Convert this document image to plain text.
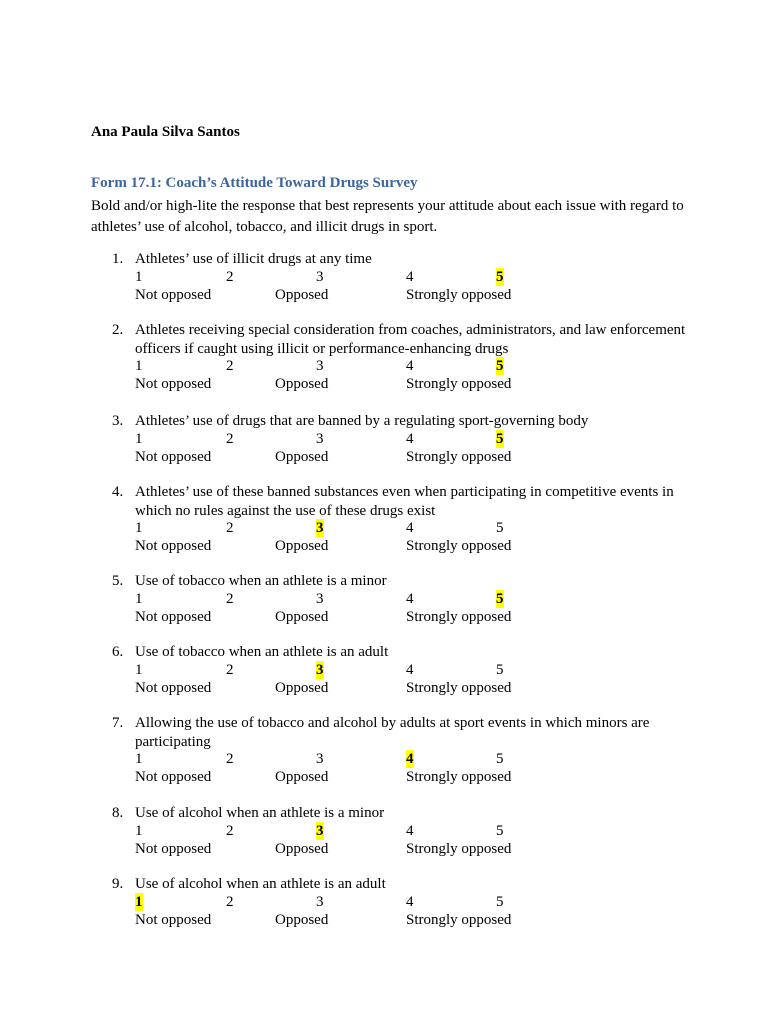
Ana Paula Silva Santos
Form 17.1: Coach’s Attitude Toward Drugs Survey
Bold and/or high-lite the response that best represents your attitude about each issue with regard to athletes’ use of alcohol, tobacco, and illicit drugs in sport.
1. Athletes’ use of illicit drugs at any time
1	2	3	4	5
Not opposed	Opposed	Strongly opposed
2. Athletes receiving special consideration from coaches, administrators, and law enforcement officers if caught using illicit or performance-enhancing drugs
1	2	3	4	5
Not opposed	Opposed	Strongly opposed
3. Athletes’ use of drugs that are banned by a regulating sport-governing body
1	2	3	4	5
Not opposed	Opposed	Strongly opposed
4. Athletes’ use of these banned substances even when participating in competitive events in which no rules against the use of these drugs exist
1	2	3	4	5
Not opposed	Opposed	Strongly opposed
5. Use of tobacco when an athlete is a minor
1	2	3	4	5
Not opposed	Opposed	Strongly opposed
6. Use of tobacco when an athlete is an adult
1	2	3	4	5
Not opposed	Opposed	Strongly opposed
7. Allowing the use of tobacco and alcohol by adults at sport events in which minors are participating
1	2	3	4	5
Not opposed	Opposed	Strongly opposed
8. Use of alcohol when an athlete is a minor
1	2	3	4	5
Not opposed	Opposed	Strongly opposed
9. Use of alcohol when an athlete is an adult
1	2	3	4	5
Not opposed	Opposed	Strongly opposed
